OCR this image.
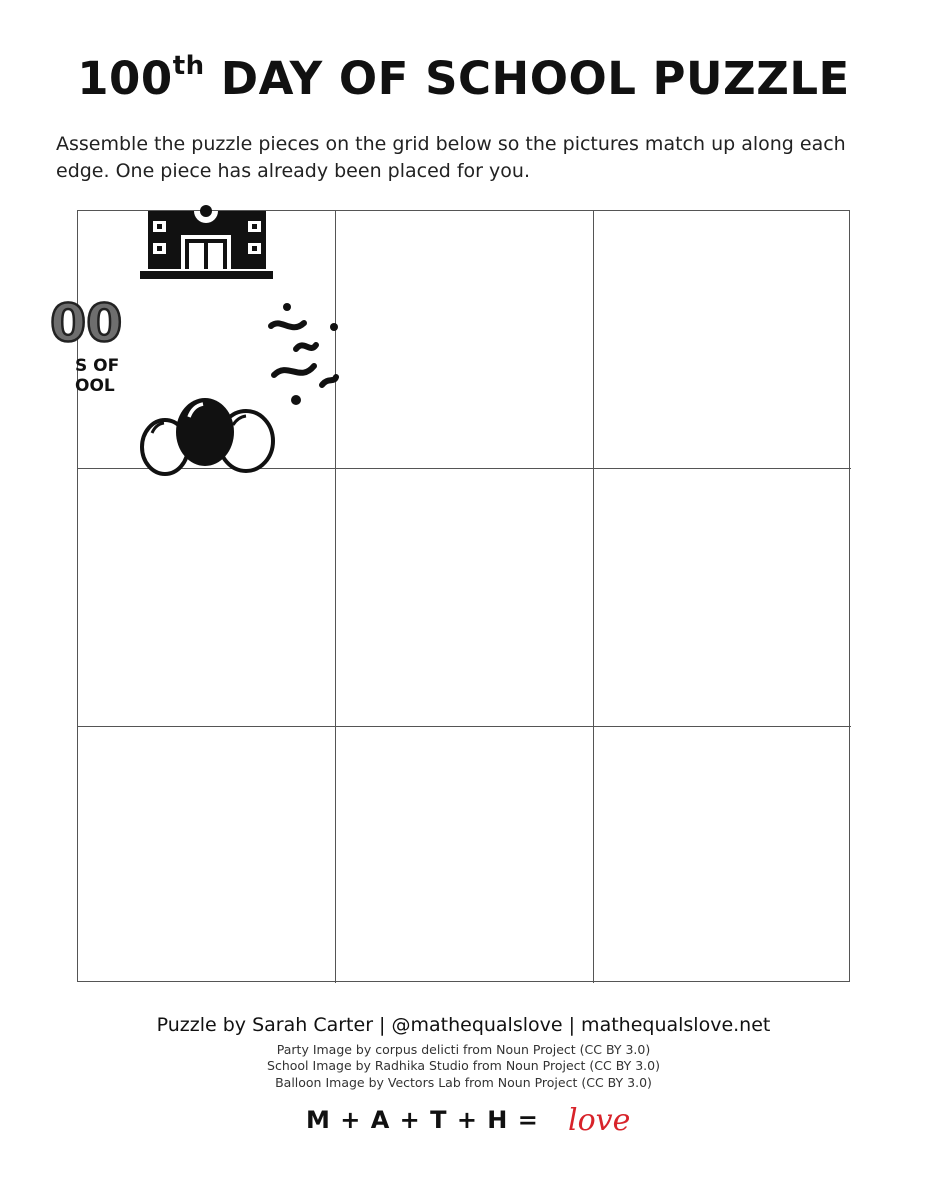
100th DAY OF SCHOOL PUZZLE
Assemble the puzzle pieces on the grid below so the pictures match up along each edge. One piece has already been placed for you.
00
S OF
OOL
Puzzle by Sarah Carter | @mathequalslove | mathequalslove.net
Party Image by corpus delicti from Noun Project (CC BY 3.0)
School Image by Radhika Studio from Noun Project (CC BY 3.0)
Balloon Image by Vectors Lab from Noun Project (CC BY 3.0)
M + A + T + H = love
